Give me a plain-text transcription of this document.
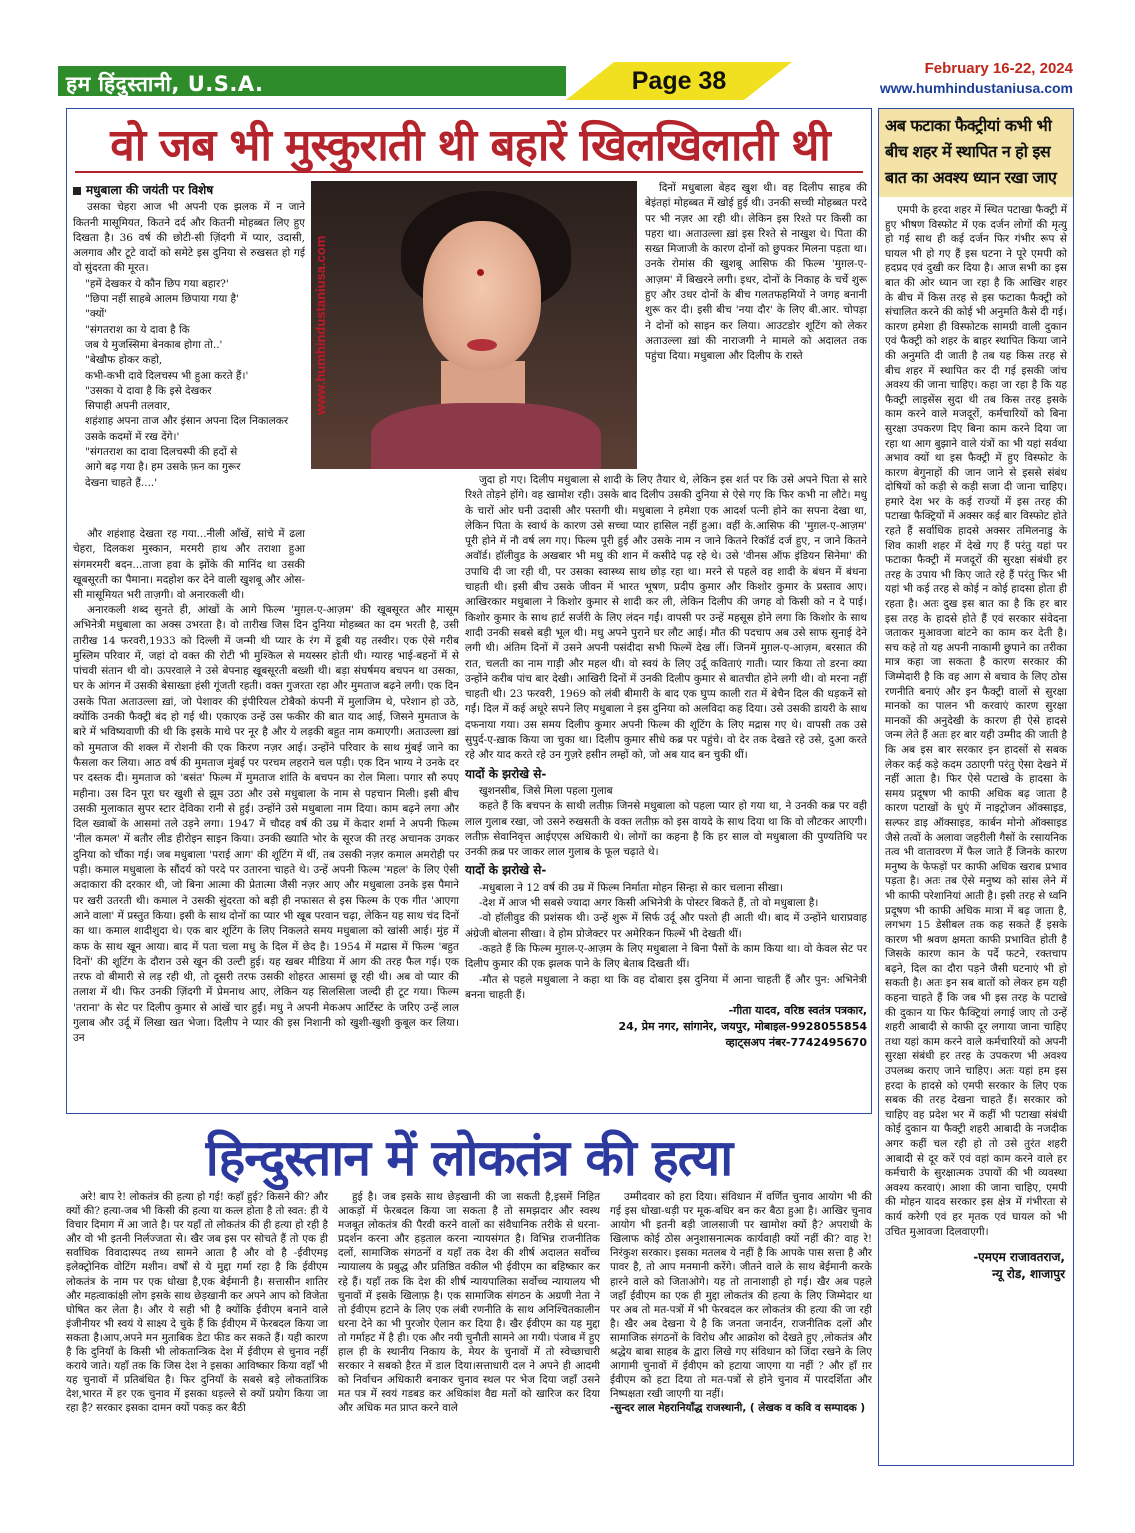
हम हिंदुस्तानी, U.S.A.	Page 38	February 16-22, 2024
www.humhindustaniusa.com
वो जब भी मुस्कुराती थी बहारें खिलखिलाती थी
मधुबाला की जयंती पर विशेष

उसका चेहरा आज भी अपनी एक झलक में न जाने कितनी मासूमियत, कितने दर्द और कितनी मोहब्बत लिए हुए दिखता है। 36 वर्ष की छोटी-सी ज़िंदगी में प्यार, उदासी, अलगाव और टूटे वादों को समेटे इस दुनिया से रुखसत हो गई वो सुंदरता की मूरत।

"हमें देखकर ये कौन छिप गया बहार?'
"छिपा नहीं साहबे आलम छिपाया गया है'
"क्यों'
"संगतराश का ये दावा है कि
जब ये मुजस्सिमा बेनकाब होगा तो..'
"बेखौफ होकर कहो,
कभी-कभी दावे दिलचस्प भी हुआ करते हैं।'
"उसका ये दावा है कि इसे देखकर
सिपाही अपनी तलवार,
शहंशाह अपना ताज और इंसान अपना दिल निकालकर
उसके कदमों में रख देंगे।'
"संगतराश का दावा दिलचस्पी की हदों से
आगे बढ़ गया है। हम उसके फ़न का गुरूर
देखना चाहते हैं....'
www.humhindustaniusa.com

दिनों मधुबाला बेहद खुश थी। वह दिलीप साहब की बेइंतहां मोहब्बत में खोई हुई थी। उनकी सच्ची मोहब्बत परदे पर भी नज़र आ रही थी। लेकिन इस रिश्ते पर किसी का पहरा था। अताउल्ला ख़ां इस रिश्ते से नाखुश थे। पिता की सख्त मिजाजी के कारण दोनों को छुपकर मिलना पड़ता था। उनके रोमांस की खुशबू आसिफ की फिल्म 'मुग़ल-ए-आज़म' में बिखरने लगी। इधर, दोनों के निकाह के चर्चे शुरू हुए और उधर दोनों के बीच गलतफहमियों ने जगह बनानी शुरू कर दी। इसी बीच 'नया दौर' के लिए बी.आर. चोपड़ा ने दोनों को साइन कर लिया। आउटडोर शूटिंग को लेकर अताउल्ला ख़ां की नाराजगी ने मामले को अदालत तक पहुंचा दिया। मधुबाला और दिलीप के रास्ते

और शहंशाह देखता रह गया...नीली आँखें, सांचे में ढला चेहरा, दिलकश मुस्कान, मरमरी हाथ और तराशा हुआ संगमरमरी बदन...ताजा हवा के झोंके की मानिंद था उसकी खूबसूरती का पैमाना। मदहोश कर देने वाली खुशबू और ओस-सी मासूमियत भरी ताज़गी। वो अनारकली थी।

अनारकली शब्द सुनते ही, आंखों के आगे फिल्म 'मुग़ल-ए-आज़म' की खूबसूरत और मासूम अभिनेत्री मधुबाला का अक्स उभरता है। वो तारीख जिस दिन दुनिया मोहब्बत का दम भरती है, उसी तारीख 14 फरवरी,1933 को दिल्ली में जन्मी थी प्यार के रंग में डूबी यह तस्वीर। एक ऐसे गरीब मुस्लिम परिवार में, जहां दो वक्त की रोटी भी मुश्किल से मयस्सर होती थी। ग्यारह भाई-बहनों में से पांचवी संतान थी वो। ऊपरवाले ने उसे बेपनाह खूबसूरती बख्शी थी। बड़ा संघर्षमय बचपन था उसका, घर के आंगन में उसकी बेसाख्ता हंसी गूंजती रहती। वक्त गुजरता रहा और मुमताज बढ़ने लगी। एक दिन उसके पिता अताउल्ला ख़ां, जो पेशावर की इंपीरियल टोबैको कंपनी में मुलाजिम थे, परेशान हो उठे, क्योंकि उनकी फैक्ट्री बंद हो गई थी। एकाएक उन्हें उस फकीर की बात याद आई, जिसने मुमताज के बारे में भविष्यवाणी की थी कि इसके माथे पर नूर है और ये लड़की बहुत नाम कमाएगी। अताउल्ला ख़ां को मुमताज की शक्ल में रोशनी की एक किरण नज़र आई। उन्होंने परिवार के साथ मुंबई जाने का फैसला कर लिया। आठ वर्ष की मुमताज मुंबई पर परचम लहराने चल पड़ी। एक दिन भाग्य ने उनके दर पर दस्तक दी। मुमताज को 'बसंत' फिल्म में मुमताज शांति के बचपन का रोल मिला। पगार सौ रुपए महीना। उस दिन पूरा घर खुशी से झूम उठा और उसे मधुबाला के नाम से पहचान मिली। इसी बीच उसकी मुलाकात सुपर स्टार देविका रानी से हुई। उन्होंने उसे मधुबाला नाम दिया। काम बढ़ने लगा और दिल ख्वाबों के आसमां तले उड़ने लगा। 1947 में चौदह वर्ष की उम्र में केदार शर्मा ने अपनी फिल्म 'नील कमल' में बतौर लीड हीरोइन साइन किया। उनकी ख्याति भोर के सूरज की तरह अचानक उगकर दुनिया को चौंका गई। जब मधुबाला 'पराई आग' की शूटिंग में थीं, तब उसकी नज़र कमाल अमरोही पर पड़ी। कमाल मधुबाला के सौंदर्य को परदे पर उतारना चाहते थे। उन्हें अपनी फिल्म 'महल' के लिए ऐसी अदाकारा की दरकार थी, जो बिना आत्मा की प्रेतात्मा जैसी नज़र आए और मधुबाला उनके इस पैमाने पर खरी उतरती थी। कमाल ने उसकी सुंदरता को बड़ी ही नफासत से इस फिल्म के एक गीत 'आएगा आने वाला' में प्रस्तुत किया। इसी के साथ दोनों का प्यार भी खूब परवान चढ़ा, लेकिन यह साथ चंद दिनों का था। कमाल शादीशुदा थे। एक बार शूटिंग के लिए निकलते समय मधुबाला को खांसी आई। मुंह में कफ के साथ खून आया। बाद में पता चला मधु के दिल में छेद है। 1954 में मद्रास में फिल्म 'बहुत दिनों' की शूटिंग के दौरान उसे खून की उल्टी हुई। यह खबर मीडिया में आग की तरह फैल गई। एक तरफ वो बीमारी से लड़ रही थी, तो दूसरी तरफ उसकी शोहरत आसमां छू रही थी। अब वो प्यार की तलाश में थी। फिर उनकी ज़िंदगी में प्रेमनाथ आए, लेकिन यह सिलसिला जल्दी ही टूट गया। फिल्म 'तराना' के सेट पर दिलीप कुमार से आंखें चार हुईं। मधु ने अपनी मेकअप आर्टिस्ट के जरिए उन्हें लाल गुलाब और उर्दू में लिखा खत भेजा। दिलीप ने प्यार की इस निशानी को खुशी-खुशी कुबूल कर लिया। उन

जुदा हो गए। दिलीप मधुबाला से शादी के लिए तैयार थे, लेकिन इस शर्त पर कि उसे अपने पिता से सारे रिश्ते तोड़ने होंगे। वह खामोश रही। उसके बाद दिलीप उसकी दुनिया से ऐसे गए कि फिर कभी ना लौटे। मधु के चारों ओर घनी उदासी और पस्तगी थी। मधुबाला ने हमेशा एक आदर्श पत्नी होने का सपना देखा था, लेकिन पिता के स्वार्थ के कारण उसे सच्चा प्यार हासिल नहीं हुआ। वहीं के.आसिफ की 'मुग़ल-ए-आज़म' पूरी होने में नौ वर्ष लग गए। फिल्म पूरी हुई और उसके नाम न जाने कितने रिकॉर्ड दर्ज हुए, न जाने कितने अवॉर्ड। हॉलीवुड के अखबार भी मधु की शान में कसीदे पढ़ रहे थे। उसे 'वीनस ऑफ इंडियन सिनेमा' की उपाधि दी जा रही थी, पर उसका स्वास्थ्य साथ छोड़ रहा था। मरने से पहले वह शादी के बंधन में बंधना चाहती थी। इसी बीच उसके जीवन में भारत भूषण, प्रदीप कुमार और किशोर कुमार के प्रस्ताव आए। आखिरकार मधुबाला ने किशोर कुमार से शादी कर ली, लेकिन दिलीप की जगह वो किसी को न दे पाई। किशोर कुमार के साथ हार्ट सर्जरी के लिए लंदन गईं। वापसी पर उन्हें महसूस होने लगा कि किशोर के साथ शादी उनकी सबसे बड़ी भूल थी। मधु अपने पुराने घर लौट आई। मौत की पदचाप अब उसे साफ सुनाई देने लगी थी। अंतिम दिनों में उसने अपनी पसंदीदा सभी फिल्में देख लीं। जिनमें मुग़ल-ए-आज़म, बरसात की रात, चलती का नाम गाड़ी और महल थी। वो स्वयं के लिए उर्दू कविताएं गाती। प्यार किया तो डरना क्या उन्होंने करीब पांच बार देखी। आखिरी दिनों में उनकी दिलीप कुमार से बातचीत होने लगी थी। वो मरना नहीं चाहती थी। 23 फरवरी, 1969 को लंबी बीमारी के बाद एक घुप्प काली रात में बेचैन दिल की धड़कनें सो गईं। दिल में कई अधूरे सपने लिए मधुबाला ने इस दुनिया को अलविदा कह दिया। उसे उसकी डायरी के साथ दफनाया गया। उस समय दिलीप कुमार अपनी फिल्म की शूटिंग के लिए मद्रास गए थे। वापसी तक उसे सुपुर्द-ए-ख़ाक किया जा चुका था। दिलीप कुमार सीधे कब्र पर पहुंचे। वो देर तक देखते रहे उसे, दुआ करते रहे और याद करते रहे उन गुज़रे हसीन लम्हों को, जो अब याद बन चुकी थीं।

यादों के झरोखे से-

खुशनसीब, जिसे मिला पहला गुलाब

कहते हैं कि बचपन के साथी लतीफ़ जिनसे मधुबाला को पहला प्यार हो गया था, ने उनकी कब्र पर वही लाल गुलाब रखा, जो उसने रुखसती के वक्त लतीफ़ को इस वायदे के साथ दिया था कि वो लौटकर आएगी। लतीफ़ सेवानिवृत्त आईएएस अधिकारी थे। लोगों का कहना है कि हर साल वो मधुबाला की पुण्यतिथि पर उनकी क़ब्र पर जाकर लाल गुलाब के फूल चढ़ाते थे।

यादों के झरोखे से-

-मधुबाला ने 12 वर्ष की उम्र में फिल्म निर्माता मोहन सिन्हा से कार चलाना सीखा।

-देश में आज भी सबसे ज्यादा अगर किसी अभिनेत्री के पोस्टर बिकते हैं, तो वो मधुबाला है।

-वो हॉलीवुड की प्रशंसक थी। उन्हें शुरू में सिर्फ उर्दू और पश्तो ही आती थी। बाद में उन्होंने धाराप्रवाह अंग्रेजी बोलना सीखा। वे होम प्रोजेक्टर पर अमेरिकन फिल्में भी देखती थीं।

-कहते हैं कि फिल्म मुग़ल-ए-आज़म के लिए मधुबाला ने बिना पैसों के काम किया था। वो केवल सेट पर दिलीप कुमार की एक झलक पाने के लिए बेताब दिखती थीं।

-मौत से पहले मधुबाला ने कहा था कि वह दोबारा इस दुनिया में आना चाहती हैं और पुन: अभिनेत्री बनना चाहती हैं।

-गीता यादव, वरिष्ठ स्वतंत्र पत्रकार,
24, प्रेम नगर, सांगानेर, जयपुर, मोबाइल-9928055854
व्हाट्सअप नंबर-7742495670
अब फटाका फैक्ट्रीयां कभी भी बीच शहर में स्थापित न हो इस बात का अवश्य ध्यान रखा जाए

एमपी के हरदा शहर में स्थित पटाखा फैक्ट्री में हुए भीषण विस्फोट में एक दर्जन लोगों की मृत्यु हो गई साथ ही कई दर्जन फिर गंभीर रूप से घायल भी हो गए हैं इस घटना ने पूरे एमपी को हदप्रद एवं दुखी कर दिया है। आज सभी का इस बात की ओर ध्यान जा रहा है कि आखिर शहर के बीच में किस तरह से इस फटाका फैक्ट्री को संचालित करने की कोई भी अनुमति कैसे दी गई। कारण हमेशा ही विस्फोटक सामग्री वाली दुकान एवं फैक्ट्री को शहर के बाहर स्थापित किया जाने की अनुमति दी जाती है तब यह किस तरह से बीच शहर में स्थापित कर दी गई इसकी जांच अवश्य की जाना चाहिए। कहा जा रहा है कि यह फैक्ट्री लाइसेंस सुदा थी तब किस तरह इसके काम करने वाले मजदूरों, कर्मचारियों को बिना सुरक्षा उपकरण दिए बिना काम करने दिया जा रहा था आग बुझाने वाले यंत्रों का भी यहां सर्वथा अभाव क्यों था इस फैक्ट्री में हुए विस्फोट के कारण बेगुनाहों की जान जाने से इससे संबंध दोषियों को कड़ी से कड़ी सजा दी जाना चाहिए। हमारे देश भर के कई राज्यों में इस तरह की पटाखा फैक्ट्रियों में अक्सर कई बार विस्फोट होते रहते हैं सर्वाधिक हादसे अक्सर तमिलनाडु के शिव काशी शहर में देखे गए हैं परंतु यहां पर फटाका फैक्ट्री में मजदूरों की सुरक्षा संबंधी हर तरह के उपाय भी किए जाते रहे हैं परंतु फिर भी यहां भी कई तरह से कोई न कोई हादसा होता ही रहता है। अतः दुख इस बात का है कि हर बार इस तरह के हादसे होते हैं एवं सरकार संवेदना जताकर मुआवजा बांटने का काम कर देती है। सच कहे तो यह अपनी नाकामी छुपाने का तरीका मात्र कहा जा सकता है कारण सरकार की जिम्मेदारी है कि वह आग से बचाव के लिए ठोस रणनीति बनाएं और इन फैक्ट्री वालों से सुरक्षा मानको का पालन भी करवाएं कारण सुरक्षा मानकों की अनुदेखी के कारण ही ऐसे हादसे जन्म लेते हैं अतः हर बार यही उम्मीद की जाती है कि अब इस बार सरकार इन हादसों से सबक लेकर कई कड़े कदम उठाएगी परंतु ऐसा देखने में नहीं आता है। फिर ऐसे पटाखे के हादसा के समय प्रदूषण भी काफी अधिक बढ़ जाता है कारण पटाखों के धुएं में नाइट्रोजन ऑक्साइड, सल्फर डाइ ऑक्साइड, कार्बन मोनो ऑक्साइड जैसे तत्वों के अलावा जहरीली गैसों के रसायनिक तत्व भी वातावरण में फैल जाते हैं जिनके कारण मनुष्य के फेफड़ों पर काफी अधिक खराब प्रभाव पड़ता है। अतः तब ऐसे मनुष्य को सांस लेने में भी काफी परेशानियां आती है। इसी तरह से ध्वनि प्रदूषण भी काफी अधिक मात्रा में बढ़ जाता है, लगभग 15 डेसीबल तक कह सकते हैं इसके कारण भी श्रवण क्षमता काफी प्रभावित होती है जिसके कारण कान के पर्दे फटने, रक्तचाप बढ़ने, दिल का दौरा पड़ने जैसी घटनाएं भी हो सकती है। अतः इन सब बातों को लेकर हम यही कहना चाहते हैं कि जब भी इस तरह के पटाखे की दुकान या फिर फैक्ट्रियां लगाई जाए तो उन्हें शहरी आबादी से काफी दूर लगाया जाना चाहिए तथा यहां काम करने वाले कर्मचारियों को अपनी सुरक्षा संबंधी हर तरह के उपकरण भी अवश्य उपलब्ध कराए जाने चाहिए। अतः यहां हम इस हरदा के हादसे को एमपी सरकार के लिए एक सबक की तरह देखना चाहते हैं। सरकार को चाहिए वह प्रदेश भर में कहीं भी पटाखा संबंधी कोई दुकान या फैक्ट्री शहरी आबादी के नजदीक अगर कहीं चल रही हो तो उसे तुरंत शहरी आबादी से दूर करें एवं वहां काम करने वाले हर कर्मचारी के सुरक्षात्मक उपायों की भी व्यवस्था अवश्य करवाएं। आशा की जाना चाहिए, एमपी की मोहन यादव सरकार इस क्षेत्र में गंभीरता से कार्य करेगी एवं हर मृतक एवं घायल को भी उचित मुआवजा दिलवाएगी।

-एमएम राजावतराज,
न्यू रोड, शाजापुर
हिन्दुस्तान में लोकतंत्र की हत्या

अरे! बाप रे! लोकतंत्र की हत्या हो गई! कहाँ हुई? किसने की? और क्यों की? हत्या-जब भी किसी की हत्या या कत्ल होता है तो स्वत: ही ये विचार दिमाग में आ जाते है। पर यहाँ तो लोकतंत्र की ही हत्या हो रही है और वो भी इतनी निर्लज्जता से। खैर जब इस पर सोचते हैं तो एक ही सर्वाधिक विवादास्पद तथ्य सामने आता है और वो है -ईवीएमइ इलेक्ट्रोनिक वोटिंग मशीन। वर्षों से ये मुद्दा गर्मा रहा है कि ईवीएम लोकतंत्र के नाम पर एक धोखा है,एक बेईमानी है। सत्तासीन शातिर और महत्वाकांक्षी लोग इसके साथ छेड़खानी कर अपने आप को विजेता घोषित कर लेता है। और ये सही भी है क्योंकि ईवीएम बनाने वाले इंजीनीयर भी स्वयं ये साक्ष्य दे चुके हैं कि ईवीएम में फेरबदल किया जा सकता है।आप,अपने मन मुताबिक डेटा फीड कर सकते हैं। यही कारण है कि दुनियाँ के किसी भी लोकतान्त्रिक देश में ईवीएम से चुनाव नहीं कराये जाते। यहाँ तक कि जिस देश ने इसका आविष्कार किया वहाँ भी यह चुनावों में प्रतिबंधित है। फिर दुनियाँ के सबसे बड़े लोकतांत्रिक देश,भारत में हर एक चुनाव में इसका धड़ल्ले से क्यों प्रयोग किया जा रहा है? सरकार इसका दामन क्यों पकड़ कर बैठी

हुई है। जब इसके साथ छेड़खानी की जा सकती है,इसमें निहित आकड़ों में फेरबदल किया जा सकता है तो समझदार और स्वस्थ मजबूत लोकतंत्र की पैरवी करने वालों का संवैधानिक तरीके से धरना-प्रदर्शन करना और हड़ताल करना न्यायसंगत है। विभिन्न राजनीतिक दलों, सामाजिक संगठनों व यहाँ तक देश की शीर्ष अदालत सर्वोच्च न्यायालय के प्रबुद्ध और प्रतिष्ठित वकील भी ईवीएम का बहिष्कार कर रहे हैं। यहाँ तक कि देश की शीर्ष न्यायपालिका सर्वोच्च न्यायालय भी चुनावों में इसके खिलाफ़ है। एक सामाजिक संगठन के अग्रणी नेता ने तो ईवीएम हटाने के लिए एक लंबी रणनीति के साथ अनिश्चितकालीन धरना देने का भी पुरजोर ऐलान कर दिया है। खैर ईवीएम का यह मुद्दा तो गर्माहट में है ही। एक और नयी चुनौती सामने आ गयी। पंजाब में हुए हाल ही के स्थानीय निकाय के, मेयर के चुनावों में तो स्वेच्छाचारी सरकार ने सबको हैरत में डाल दिया।सत्ताधारी दल ने अपने ही आदमी को निर्वाचन अधिकारी बनाकर चुनाव स्थल पर भेज दिया जहाँ उसने मत पत्र में स्वयं गडबड कर अधिकांश वैद्य मतों को खारिज कर दिया और अधिक मत प्राप्त करने वाले

उम्मीदवार को हरा दिया। संविधान में वर्णित चुनाव आयोग भी की गई इस धोखा-धड़ी पर मूक-बधिर बन कर बैठा हुआ है। आखिर चुनाव आयोग भी इतनी बड़ी जालसाजी पर खामोश क्यों है? अपराधी के खिलाफ कोई ठोस अनुशासनात्मक कार्यवाही क्यों नहीं की? वाह रे! निरंकुश सरकार। इसका मतलब ये नहीं है कि आपके पास सत्ता है और पावर है, तो आप मनमानी करेंगे। जीतने वाले के साथ बेईमानी करके हारने वाले को जिताओगे। यह तो तानाशाही हो गई। खैर अब पहले जहाँ ईवीएम का एक ही मुद्दा लोकतंत्र की हत्या के लिए जिम्मेदार था पर अब तो मत-पत्रों में भी फेरबदल कर लोकतंत्र की हत्या की जा रही है। खैर अब देखना ये है कि जनता जनार्दन, राजनीतिक दलों और सामाजिक संगठनों के विरोध और आक्रोश को देखते हुए ,लोकतंत्र और श्रद्धेय बाबा साहब के द्वारा लिखे गए संविधान को जिंदा रखने के लिए आगामी चुनावों में ईवीएम को हटाया जाएगा या नहीं ? और हाँ ग़र ईवीएम को हटा दिया तो मत-पत्रों से होने चुनाव में पारदर्शिता और निष्पक्षता रखी जाएगी या नहीं।

-सुन्दर लाल मेहरानियाँद्ध राजस्थानी, ( लेखक व कवि व सम्पादक )
